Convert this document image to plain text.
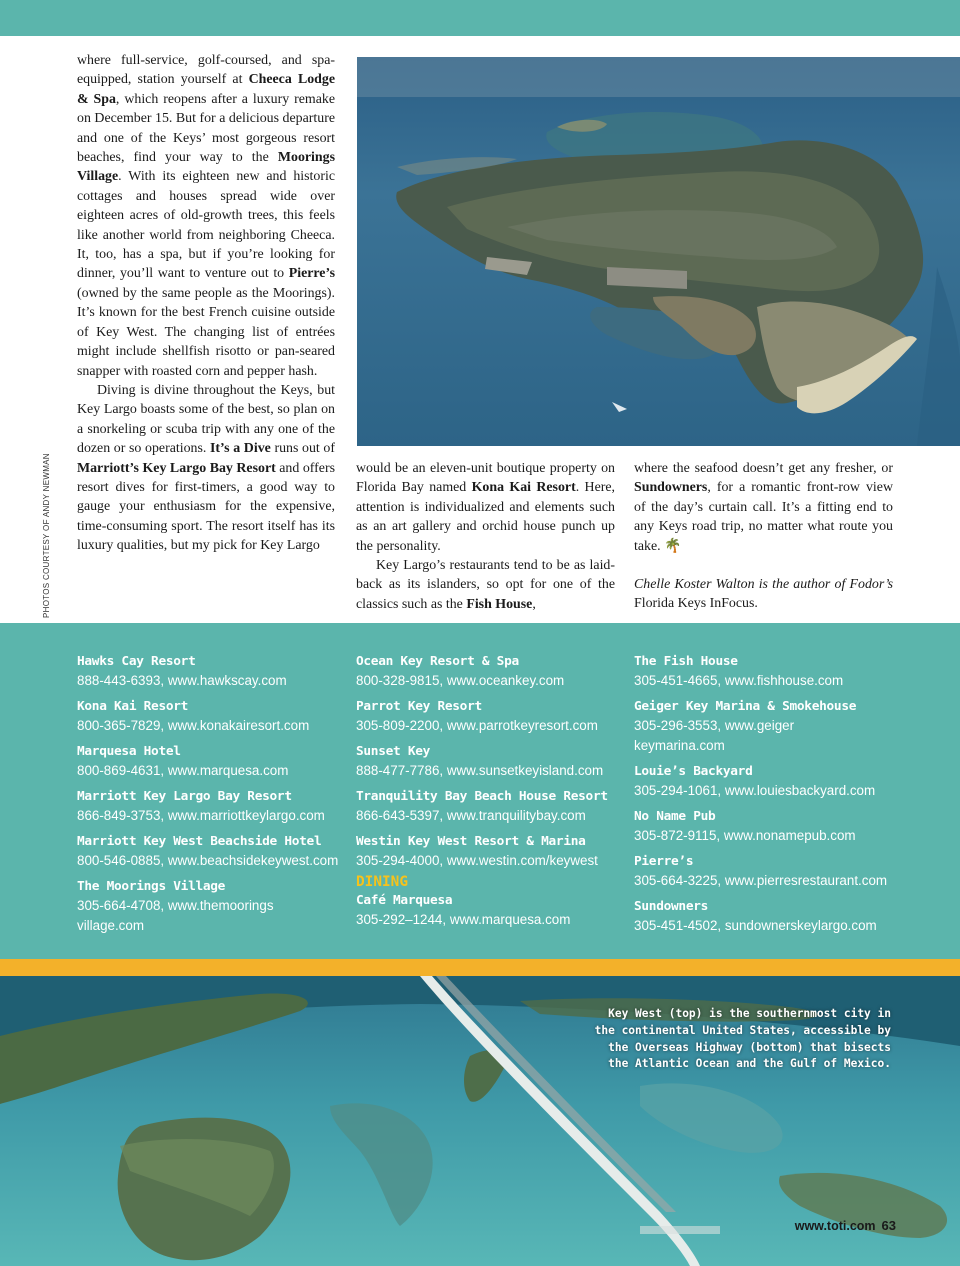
PHOTOS COURTESY OF ANDY NEWMAN

where full-service, golf-coursed, and spa-equipped, station yourself at Cheeca Lodge & Spa, which reopens after a luxury remake on December 15. But for a delicious departure and one of the Keys’ most gorgeous resort beaches, find your way to the Moorings Village. With its eighteen new and historic cottages and houses spread wide over eighteen acres of old-growth trees, this feels like another world from neighboring Cheeca. It, too, has a spa, but if you’re looking for dinner, you’ll want to venture out to Pierre’s (owned by the same people as the Moorings). It’s known for the best French cuisine outside of Key West. The changing list of entrées might include shellfish risotto or pan-seared snapper with roasted corn and pepper hash.

Diving is divine throughout the Keys, but Key Largo boasts some of the best, so plan on a snorkeling or scuba trip with any one of the dozen or so operations. It’s a Dive runs out of Marriott’s Key Largo Bay Resort and offers resort dives for first-timers, a good way to gauge your enthusiasm for the expensive, time-consuming sport. The resort itself has its luxury qualities, but my pick for Key Largo

would be an eleven-unit boutique property on Florida Bay named Kona Kai Resort. Here, attention is individualized and elements such as an art gallery and orchid house punch up the personality.

Key Largo’s restaurants tend to be as laid-back as its islanders, so opt for one of the classics such as the Fish House,

where the seafood doesn’t get any fresher, or Sundowners, for a romantic front-row view of the day’s curtain call. It’s a fitting end to any Keys road trip, no matter what route you take. 🌴

Chelle Koster Walton is the author of Fodor’s Florida Keys InFocus.

Hawks Cay Resort
888-443-6393, www.hawkscay.com
Kona Kai Resort
800-365-7829, www.konakairesort.com
Marquesa Hotel
800-869-4631, www.marquesa.com
Marriott Key Largo Bay Resort
866-849-3753, www.marriottkeylargo.com
Marriott Key West Beachside Hotel
800-546-0885, www.beachsidekeywest.com
The Moorings Village
305-664-4708, www.themoorings village.com
Ocean Key Resort & Spa
800-328-9815, www.oceankey.com
Parrot Key Resort
305-809-2200, www.parrotkeyresort.com
Sunset Key
888-477-7786, www.sunsetkeyisland.com
Tranquility Bay Beach House Resort
866-643-5397, www.tranquilitybay.com
Westin Key West Resort & Marina
305-294-4000, www.westin.com/keywest
DINING
Café Marquesa
305-292–1244, www.marquesa.com
The Fish House
305-451-4665, www.fishhouse.com
Geiger Key Marina & Smokehouse
305-296-3553, www.geiger keymarina.com
Louie’s Backyard
305-294-1061, www.louiesbackyard.com
No Name Pub
305-872-9115, www.nonamepub.com
Pierre’s
305-664-3225, www.pierresrestaurant.com
Sundowners
305-451-4502, sundownerskeylargo.com
Key West (top) is the southernmost city in the continental United States, accessible by the Overseas Highway (bottom) that bisects the Atlantic Ocean and the Gulf of Mexico.
www.toti.com 63
